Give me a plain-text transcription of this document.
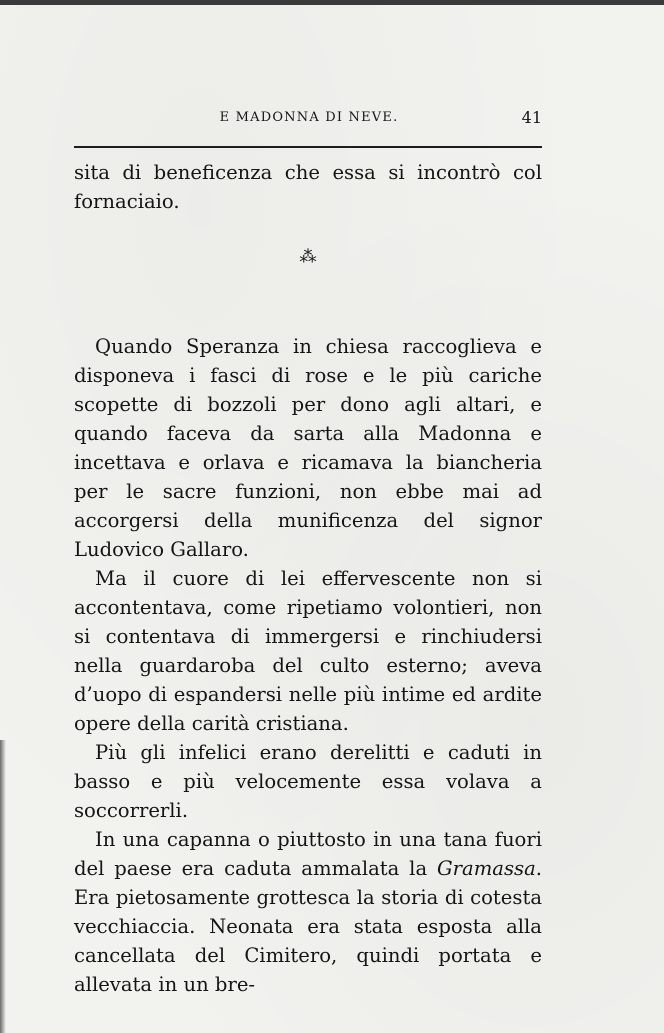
E MADONNA DI NEVE.	41

sita di beneficenza che essa si incontrò col fornaciaio.

⁂

Quando Speranza in chiesa raccoglieva e disponeva i fasci di rose e le più cariche scopette di bozzoli per dono agli altari, e quando faceva da sarta alla Madonna e incettava e orlava e ricamava la biancheria per le sacre funzioni, non ebbe mai ad accorgersi della munificenza del signor Ludovico Gallaro.

Ma il cuore di lei effervescente non si accontentava, come ripetiamo volontieri, non si contentava di immergersi e rinchiudersi nella guardaroba del culto esterno; aveva d’uopo di espandersi nelle più intime ed ardite opere della carità cristiana.

Più gli infelici erano derelitti e caduti in basso e più velocemente essa volava a soccorrerli.

In una capanna o piuttosto in una tana fuori del paese era caduta ammalata la Gramassa. Era pietosamente grottesca la storia di cotesta vecchiaccia. Neonata era stata esposta alla cancellata del Cimitero, quindi portata e allevata in un bre-
